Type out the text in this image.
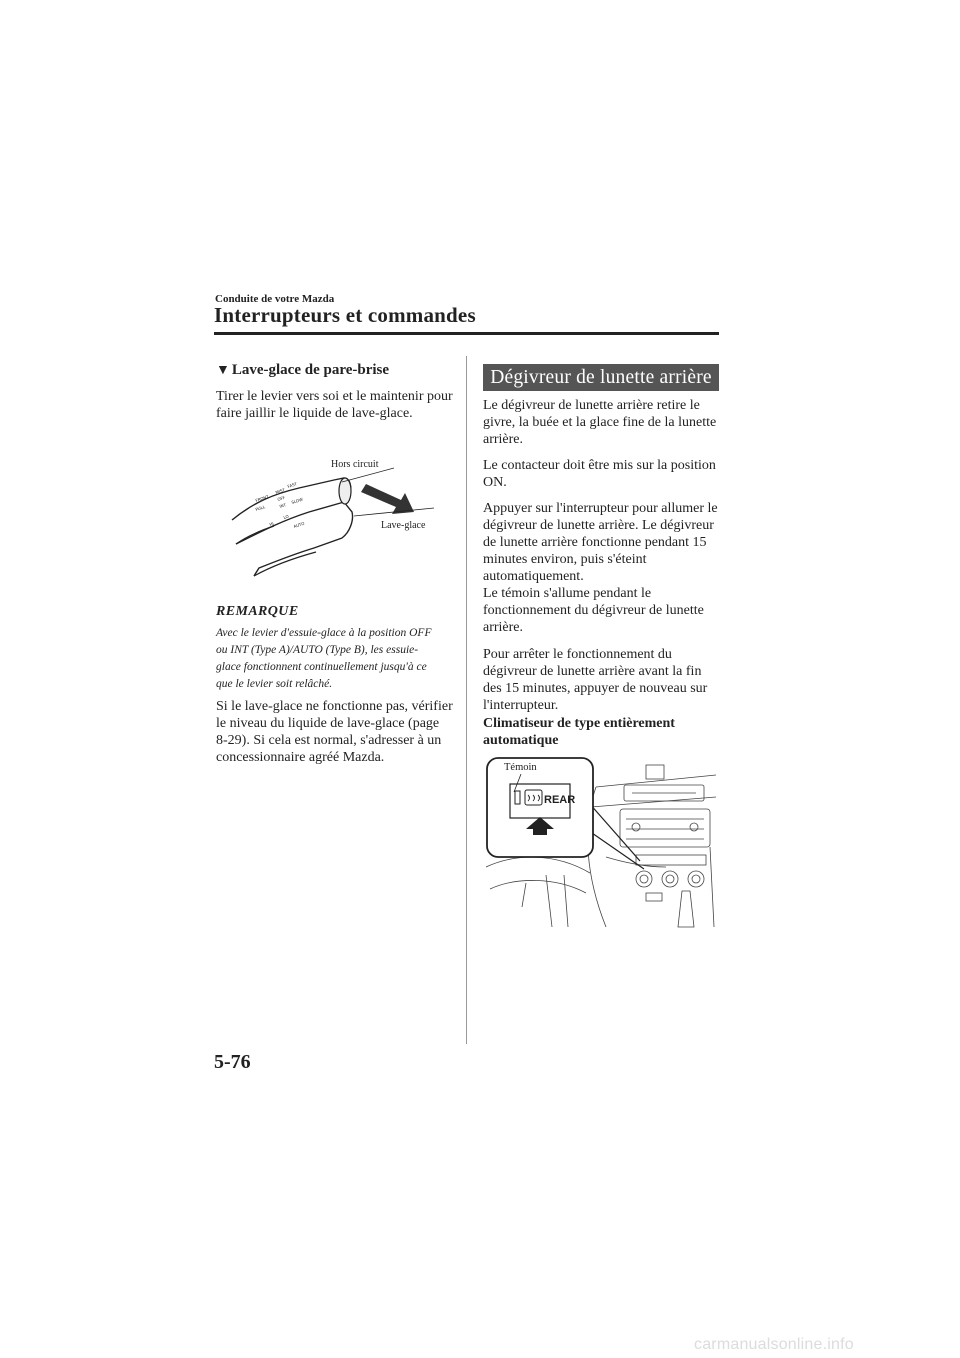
Conduite de votre Mazda
Interrupteurs et commandes
▼ Lave-glace de pare-brise
Tirer le levier vers soi et le maintenir pour
faire jaillir le liquide de lave-glace.
MIST
OFF
INT
LO
HI	AUTO
FAST
SLOW
FRONT
PULL
Hors circuit
Lave-glace
REMARQUE
Avec le levier d'essuie-glace à la position OFF
ou INT (Type A)/AUTO (Type B), les essuie-
glace fonctionnent continuellement jusqu'à ce
que le levier soit relâché.
Si le lave-glace ne fonctionne pas, vérifier
le niveau du liquide de lave-glace (page
8-29). Si cela est normal, s'adresser à un
concessionnaire agréé Mazda.
Dégivreur de lunette arrière
Le dégivreur de lunette arrière retire le
givre, la buée et la glace fine de la lunette
arrière.
Le contacteur doit être mis sur la position
ON.
Appuyer sur l'interrupteur pour allumer le
dégivreur de lunette arrière. Le dégivreur
de lunette arrière fonctionne pendant 15
minutes environ, puis s'éteint
automatiquement.
Le témoin s'allume pendant le
fonctionnement du dégivreur de lunette
arrière.
Pour arrêter le fonctionnement du
dégivreur de lunette arrière avant la fin
des 15 minutes, appuyer de nouveau sur
l'interrupteur.
Climatiseur de type entièrement
automatique
REAR
Témoin
5-76
carmanualsonline.info
